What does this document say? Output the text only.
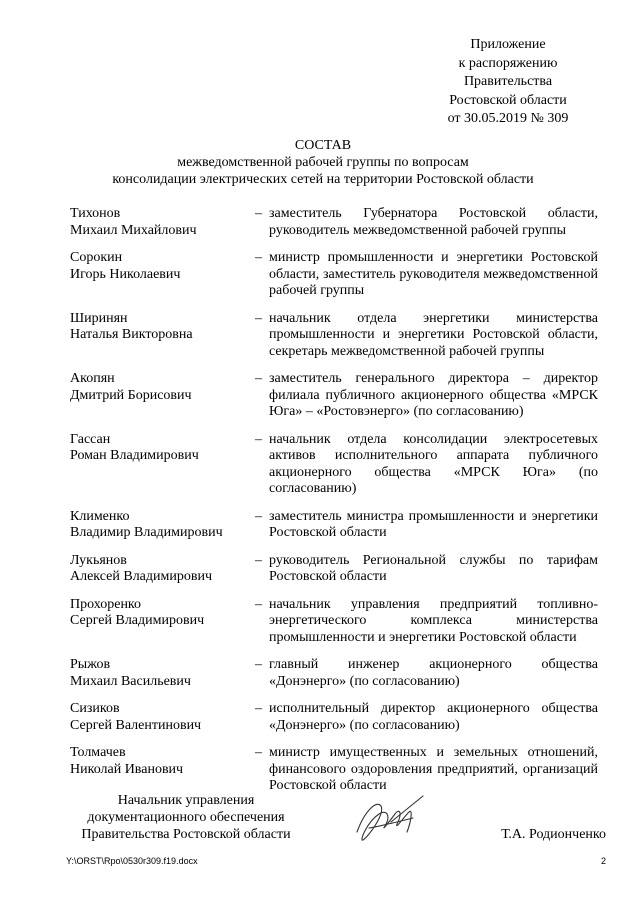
Приложение
к распоряжению
Правительства
Ростовской области
от 30.05.2019 № 309
СОСТАВ
межведомственной рабочей группы по вопросам
консолидации электрических сетей на территории Ростовской области
Тихонов
Михаил Михайлович
– заместитель Губернатора Ростовской области, руководитель межведомственной рабочей группы
Сорокин
Игорь Николаевич
– министр промышленности и энергетики Ростовской области, заместитель руководителя межведомственной рабочей группы
Ширинян
Наталья Викторовна
– начальник отдела энергетики министерства промышленности и энергетики Ростовской области, секретарь межведомственной рабочей группы
Акопян
Дмитрий Борисович
– заместитель генерального директора – директор филиала публичного акционерного общества «МРСК Юга» – «Ростовэнерго» (по согласованию)
Гассан
Роман Владимирович
– начальник отдела консолидации электросетевых активов исполнительного аппарата публичного акционерного общества «МРСК Юга» (по согласованию)
Клименко
Владимир Владимирович
– заместитель министра промышленности и энергетики Ростовской области
Лукьянов
Алексей Владимирович
– руководитель Региональной службы по тарифам Ростовской области
Прохоренко
Сергей Владимирович
– начальник управления предприятий топливно-энергетического комплекса министерства промышленности и энергетики Ростовской области
Рыжов
Михаил Васильевич
– главный инженер акционерного общества «Донэнерго» (по согласованию)
Сизиков
Сергей Валентинович
– исполнительный директор акционерного общества «Донэнерго» (по согласованию)
Толмачев
Николай Иванович
– министр имущественных и земельных отношений, финансового оздоровления предприятий, организаций Ростовской области
Начальник управления
документационного обеспечения
Правительства Ростовской области	Т.А. Родионченко
Y:\ORST\Rpo\0530r309.f19.docx	2
